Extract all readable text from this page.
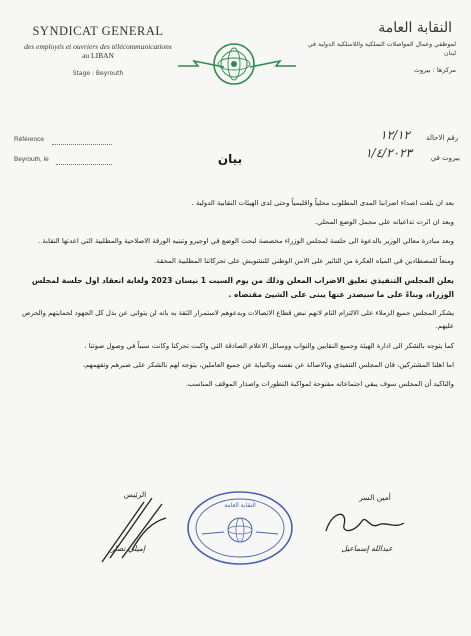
SYNDICAT GENERAL
des employés et ouvriers des télécommunications
au LIBAN
Stage : Beyrouth
النقابة العامة
لموظفي وعمال المواصلات السلكية واللاسلكية الدولية في لبنان
مركزها : بيروت
Référence
Beyrouth, le	بيان
رقم الاحالة
١٢/١٢
بيروت في
١/٤/٢٠٢٣

بعد ان بلغت اصداء اضرابنا المدى المطلوب محلياً واقليمياً وحتى لدى الهيئات النقابية الدولية .

وبعد ان اثرت تداعياته على مجمل الوضع المحلي.

وبعد مبادرة معالي الوزير بالدعوة الى جلسة لمجلس الوزراء مخصصة لبحث الوضع في اوجيرو وتبنيه الورقة الاصلاحية والمطلبية التي اعدتها النقابة .

ومنعاً للمصطادين في المياه العكرة من التاثير على الامن الوطني للتشويش على تحركاتنا المطلبية المحقة.

يعلن المجلس التنفيذي تعليق الاضراب المعلن وذلك من يوم السبت 1 نيسان 2023 ولغاية انعقاد اول جلسة لمجلس الوزراء، وبناءً على ما سيصدر عنها يبنى على الشيئ مقتضاه .

يشكر المجلس جميع الزملاء على الالتزام التام لانهم نبض قطاع الاتصالات ويدعوهم لاستمرار الثقة به بانه لن يتوانى عن بذل كل الجهود لحمايتهم والحرص عليهم.

كما يتوجه بالشكر الى ادارة الهيئة وجميع النقابين والنواب ووسائل الاعلام الصادقة التي واكبت تحركنا وكانت سبباً في وصول صوتنا .

اما اهلنا المشتركين، فان المجلس التنفيذي وبالاصالة عن نفسه وبالنيابة عن جميع العاملين، يتوجه لهم بالشكر على صبرهم وتفهمهم،

والتاكيد أن المجلس سوف يبقي اجتماعاته مفتوحة لمواكبة التطورات واصدار الموقف المناسب.

أمين السر
عبدالله إسماعيل
الرئيس
إميلي نصار
النقابة العامة
